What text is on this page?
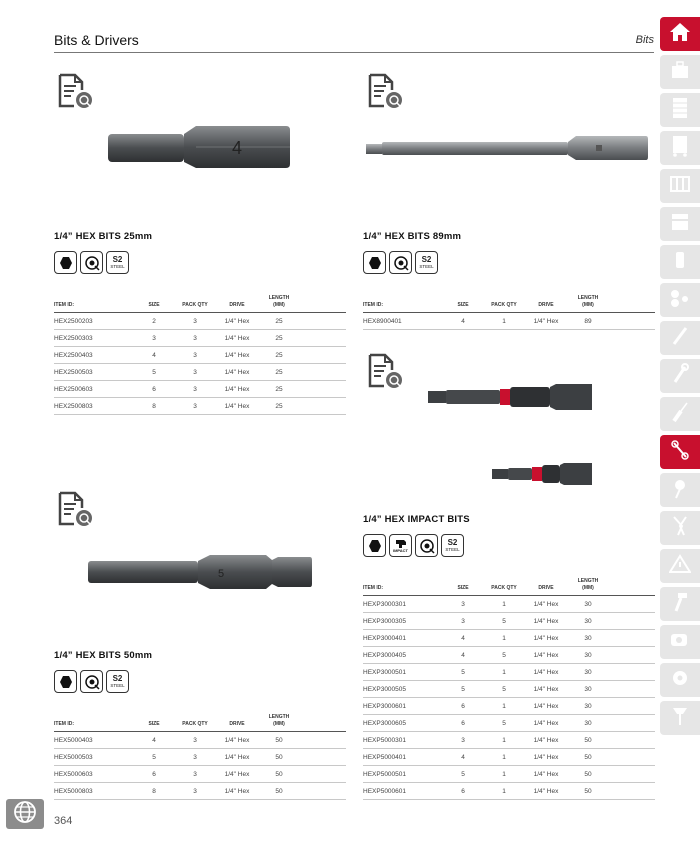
Bits & Drivers	Bits
4
1/4” HEX BITS 25mm
S2
STEEL
ITEM ID:	SIZE	PACK QTY	DRIVE	LENGTH
(MM)	
HEX2500203	2	3	1/4" Hex	25	
HEX2500303	3	3	1/4" Hex	25	
HEX2500403	4	3	1/4" Hex	25	
HEX2500503	5	3	1/4" Hex	25	
HEX2500603	6	3	1/4" Hex	25	
HEX2500803	8	3	1/4" Hex	25	
1/4” HEX BITS 89mm
S2
STEEL
ITEM ID:	SIZE	PACK QTY	DRIVE	LENGTH
(MM)	
HEX8900401	4	1	1/4" Hex	89	
1/4” HEX IMPACT BITS
IMPACT
S2
STEEL
ITEM ID:	SIZE	PACK QTY	DRIVE	LENGTH
(MM)	
HEXP3000301	3	1	1/4" Hex	30	
HEXP3000305	3	5	1/4" Hex	30	
HEXP3000401	4	1	1/4" Hex	30	
HEXP3000405	4	5	1/4" Hex	30	
HEXP3000501	5	1	1/4" Hex	30	
HEXP3000505	5	5	1/4" Hex	30	
HEXP3000601	6	1	1/4" Hex	30	
HEXP3000605	6	5	1/4" Hex	30	
HEXP5000301	3	1	1/4" Hex	50	
HEXP5000401	4	1	1/4" Hex	50	
HEXP5000501	5	1	1/4" Hex	50	
HEXP5000601	6	1	1/4" Hex	50	
5
1/4” HEX BITS 50mm
S2
STEEL
ITEM ID:	SIZE	PACK QTY	DRIVE	LENGTH
(MM)	
HEX5000403	4	3	1/4" Hex	50	
HEX5000503	5	3	1/4" Hex	50	
HEX5000603	6	3	1/4" Hex	50	
HEX5000803	8	3	1/4" Hex	50	
364
